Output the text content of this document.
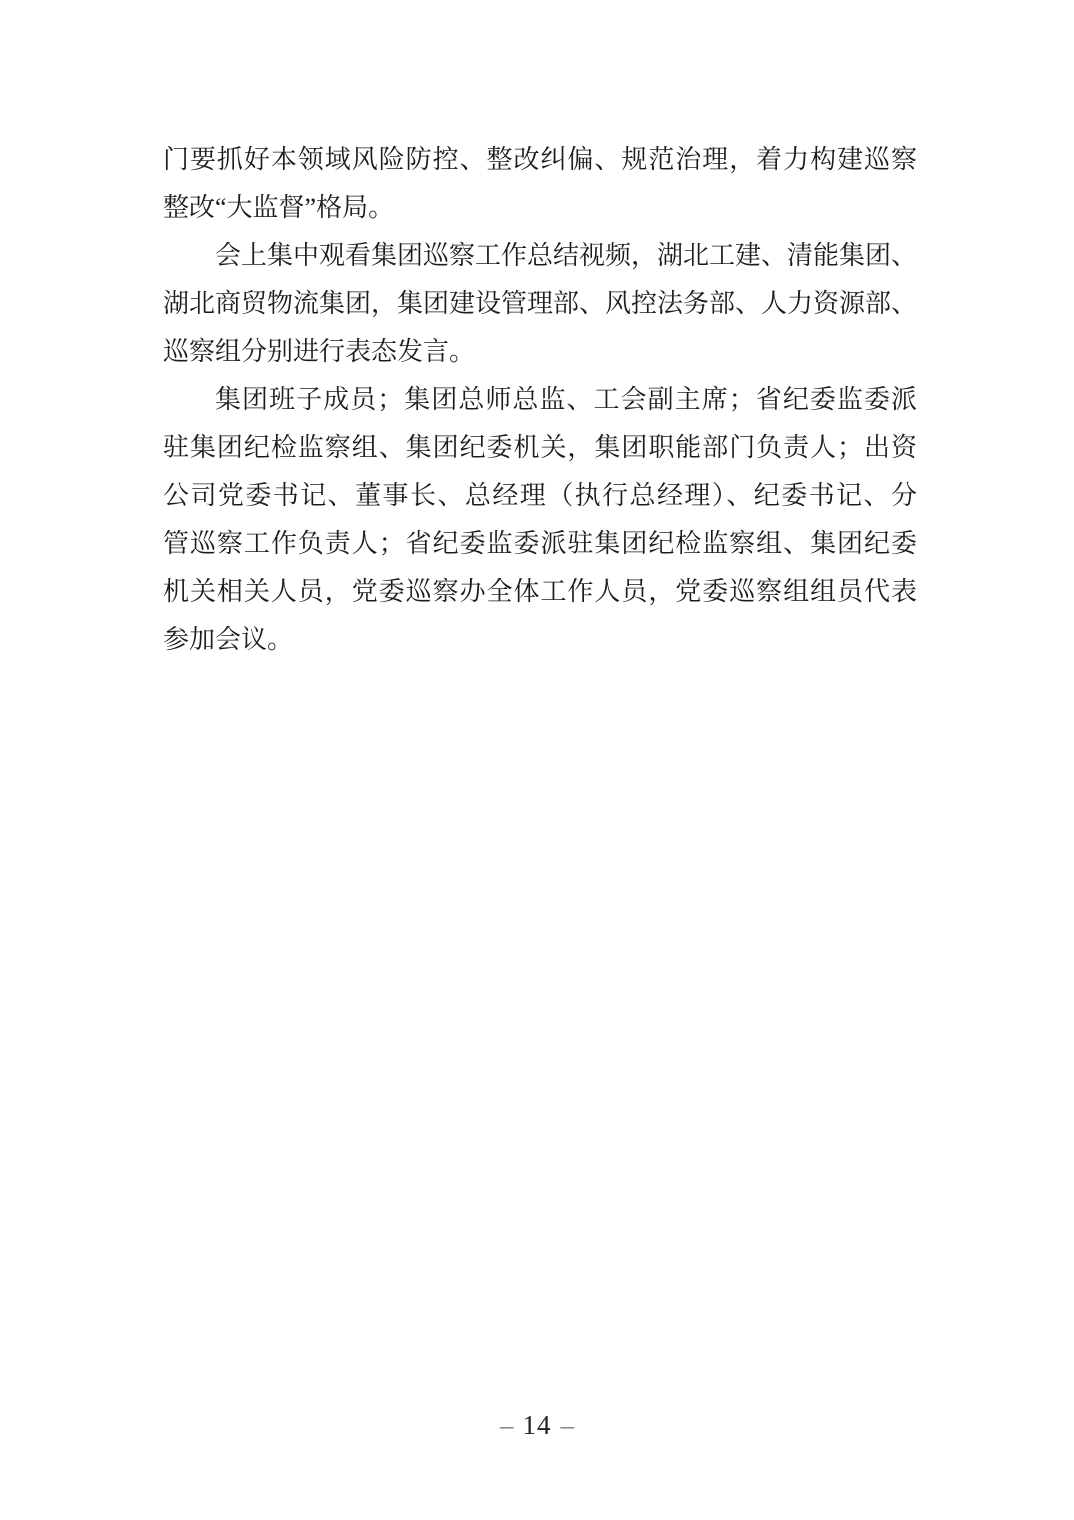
门要抓好本领域风险防控、整改纠偏、规范治理，着力构建巡察
整改“大监督”格局。
会上集中观看集团巡察工作总结视频，湖北工建、清能集团、
湖北商贸物流集团，集团建设管理部、风控法务部、人力资源部、
巡察组分别进行表态发言。
集团班子成员；集团总师总监、工会副主席；省纪委监委派
驻集团纪检监察组、集团纪委机关，集团职能部门负责人；出资
公司党委书记、董事长、总经理（执行总经理）、纪委书记、分
管巡察工作负责人；省纪委监委派驻集团纪检监察组、集团纪委
机关相关人员，党委巡察办全体工作人员，党委巡察组组员代表
参加会议。
– 14 –
